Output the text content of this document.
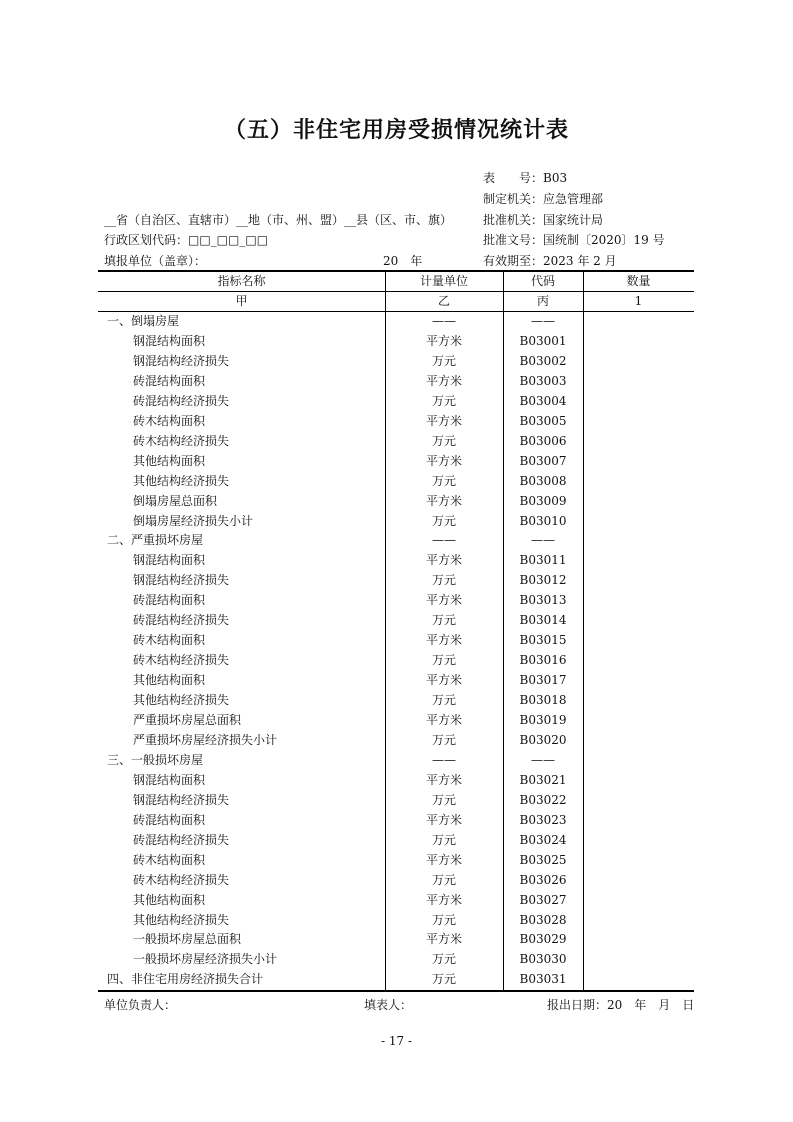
（五）非住宅用房受损情况统计表
表　　号：B03
制定机关：应急管理部
批准机关：国家统计局
批准文号：国统制〔2020〕19 号
有效期至：2023 年 2 月
__省（自治区、直辖市）__地（市、州、盟）__县（区、市、旗）
行政区划代码：□□_□□_□□
填报单位（盖章）：	20　年
指标名称	计量单位	代码	数量
甲	乙	丙	1
一、倒塌房屋	——	——
钢混结构面积	平方米	B03001
钢混结构经济损失	万元	B03002
砖混结构面积	平方米	B03003
砖混结构经济损失	万元	B03004
砖木结构面积	平方米	B03005
砖木结构经济损失	万元	B03006
其他结构面积	平方米	B03007
其他结构经济损失	万元	B03008
倒塌房屋总面积	平方米	B03009
倒塌房屋经济损失小计	万元	B03010
二、严重损坏房屋	——	——
钢混结构面积	平方米	B03011
钢混结构经济损失	万元	B03012
砖混结构面积	平方米	B03013
砖混结构经济损失	万元	B03014
砖木结构面积	平方米	B03015
砖木结构经济损失	万元	B03016
其他结构面积	平方米	B03017
其他结构经济损失	万元	B03018
严重损坏房屋总面积	平方米	B03019
严重损坏房屋经济损失小计	万元	B03020
三、一般损坏房屋	——	——
钢混结构面积	平方米	B03021
钢混结构经济损失	万元	B03022
砖混结构面积	平方米	B03023
砖混结构经济损失	万元	B03024
砖木结构面积	平方米	B03025
砖木结构经济损失	万元	B03026
其他结构面积	平方米	B03027
其他结构经济损失	万元	B03028
一般损坏房屋总面积	平方米	B03029
一般损坏房屋经济损失小计	万元	B03030
四、非住宅用房经济损失合计	万元	B03031
单位负责人：	填表人：	报出日期：20　年　月　日
- 17 -
